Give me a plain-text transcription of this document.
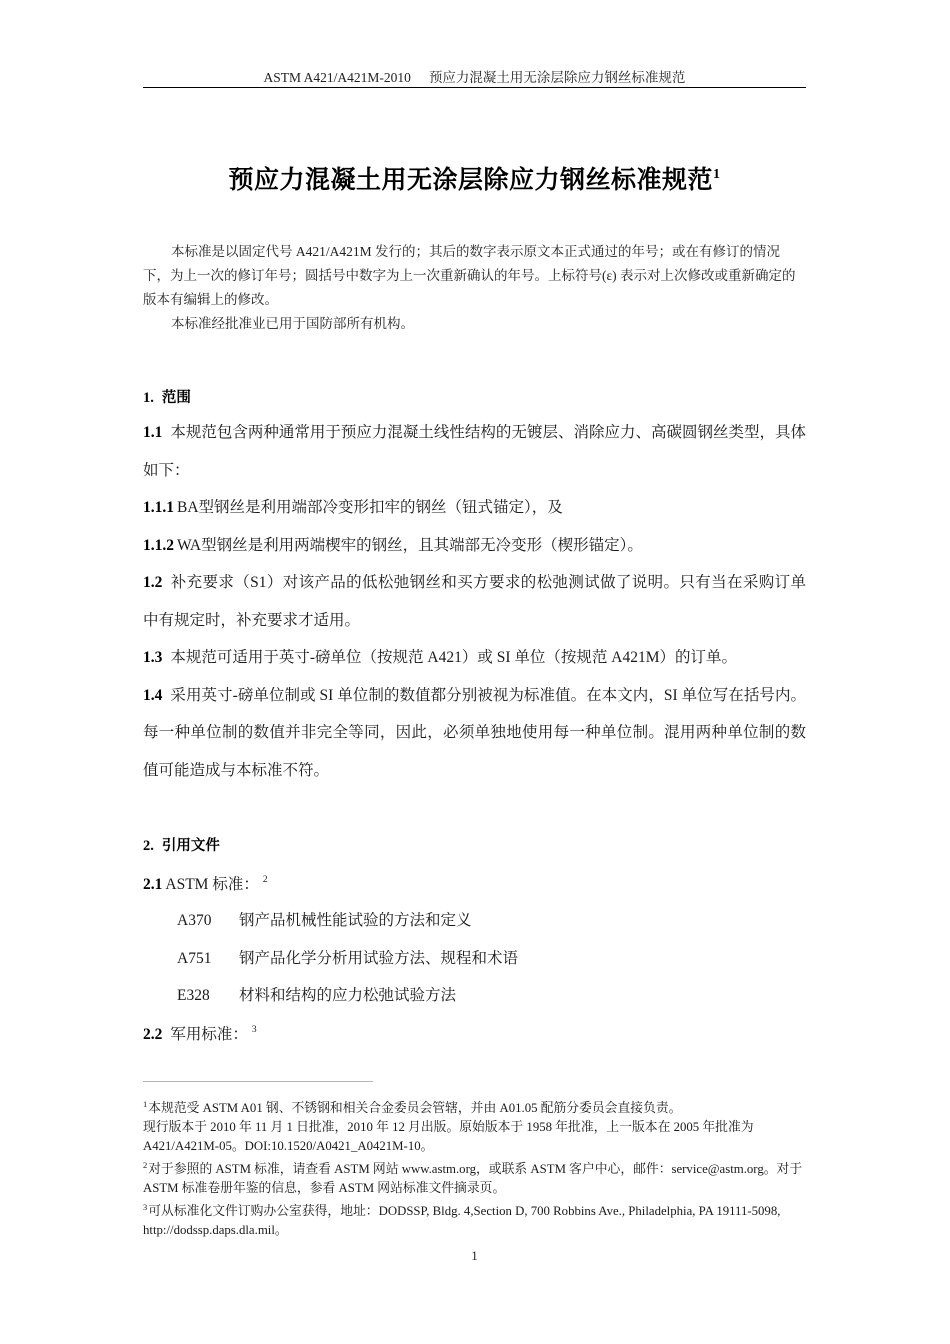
ASTM A421/A421M-2010 预应力混凝土用无涂层除应力钢丝标准规范
预应力混凝土用无涂层除应力钢丝标准规范$^1$

本标准是以固定代号 A421/A421M 发行的；其后的数字表示原文本正式通过的年号；或在有修订的情况下，为上一次的修订年号；圆括号中数字为上一次重新确认的年号。上标符号(ε) 表示对上次修改或重新确定的版本有编辑上的修改。

本标准经批准业已用于国防部所有机构。

1. 范围

1.1 本规范包含两种通常用于预应力混凝土线性结构的无镀层、消除应力、高碳圆钢丝类型，具体如下：

1.1.1 BA型钢丝是利用端部冷变形扣牢的钢丝（钮式锚定），及

1.1.2 WA型钢丝是利用两端楔牢的钢丝，且其端部无冷变形（楔形锚定）。

1.2 补充要求（S1）对该产品的低松弛钢丝和买方要求的松弛测试做了说明。只有当在采购订单中有规定时，补充要求才适用。

1.3 本规范可适用于英寸-磅单位（按规范 A421）或 SI 单位（按规范 A421M）的订单。

1.4 采用英寸-磅单位制或 SI 单位制的数值都分别被视为标准值。在本文内，SI 单位写在括号内。每一种单位制的数值并非完全等同，因此，必须单独地使用每一种单位制。混用两种单位制的数值可能造成与本标准不符。

2. 引用文件

2.1 ASTM 标准： $^2$

A370 钢产品机械性能试验的方法和定义
A751 钢产品化学分析用试验方法、规程和术语
E328 材料和结构的应力松弛试验方法

2.2 军用标准： $^3$

$^1$本规范受 ASTM A01 钢、不锈钢和相关合金委员会管辖，并由 A01.05 配筋分委员会直接负责。

现行版本于 2010 年 11 月 1 日批准，2010 年 12 月出版。原始版本于 1958 年批准，上一版本在 2005 年批准为 A421/A421M-05。DOI:10.1520/A0421_A0421M-10。

$^2$对于参照的 ASTM 标准，请查看 ASTM 网站 www.astm.org，或联系 ASTM 客户中心，邮件：service@astm.org。对于 ASTM 标准卷册年鉴的信息，参看 ASTM 网站标准文件摘录页。

$^3$可从标准化文件订购办公室获得，地址：DODSSP, Bldg. 4,Section D, 700 Robbins Ave., Philadelphia, PA 19111-5098, http://dodssp.daps.dla.mil。

1
